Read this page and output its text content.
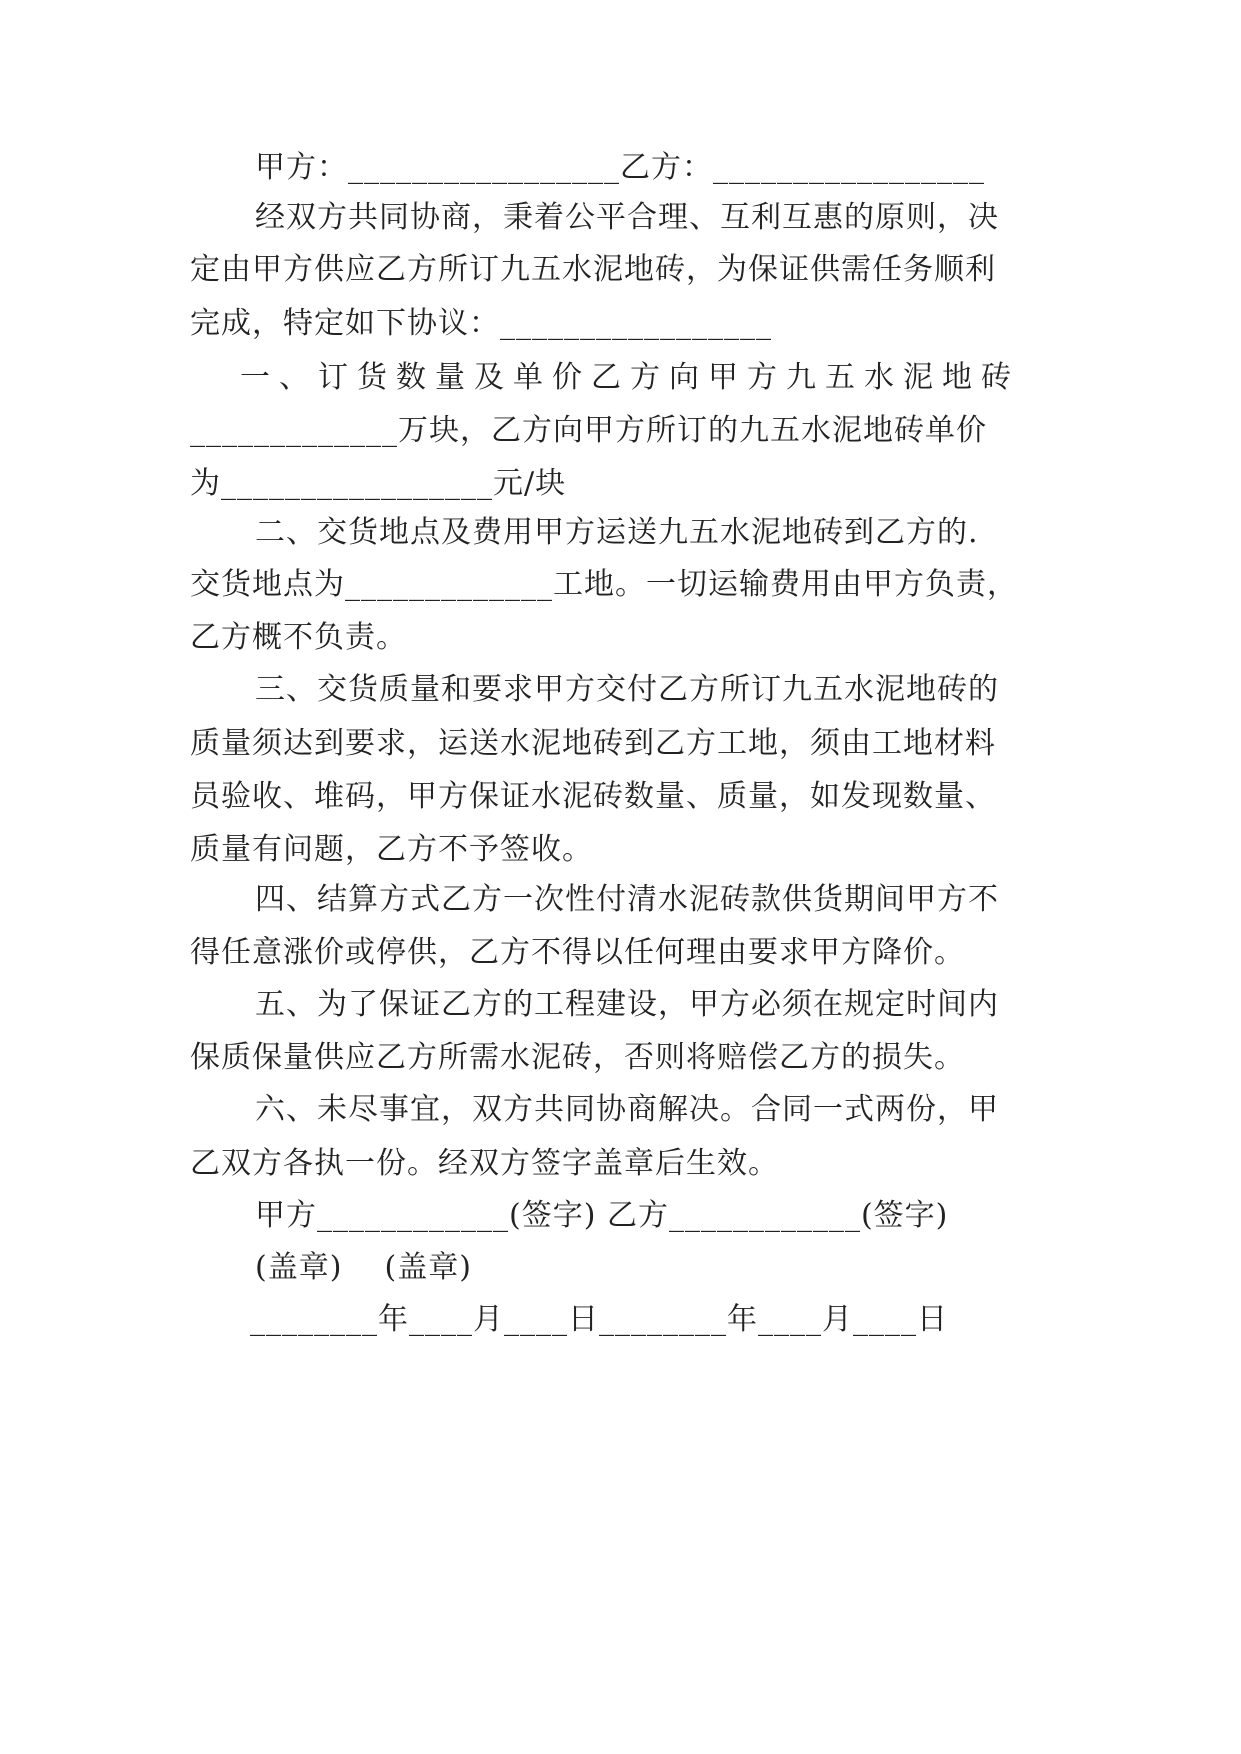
甲方：_________________乙方：_________________
经双方共同协商，秉着公平合理、互利互惠的原则，决
定由甲方供应乙方所订九五水泥地砖，为保证供需任务顺利
完成，特定如下协议：_________________
一、订货数量及单价乙方向甲方九五水泥地砖
_____________万块，乙方向甲方所订的九五水泥地砖单价
为_________________元/块
二、交货地点及费用甲方运送九五水泥地砖到乙方的.
交货地点为_____________工地。一切运输费用由甲方负责，
乙方概不负责。
三、交货质量和要求甲方交付乙方所订九五水泥地砖的
质量须达到要求，运送水泥地砖到乙方工地，须由工地材料
员验收、堆码，甲方保证水泥砖数量、质量，如发现数量、
质量有问题，乙方不予签收。
四、结算方式乙方一次性付清水泥砖款供货期间甲方不
得任意涨价或停供，乙方不得以任何理由要求甲方降价。
五、为了保证乙方的工程建设，甲方必须在规定时间内
保质保量供应乙方所需水泥砖，否则将赔偿乙方的损失。
六、未尽事宜，双方共同协商解决。合同一式两份，甲
乙双方各执一份。经双方签字盖章后生效。
甲方____________(签字) 乙方____________(签字)
(盖章)    (盖章)
________年____月____日________年____月____日
